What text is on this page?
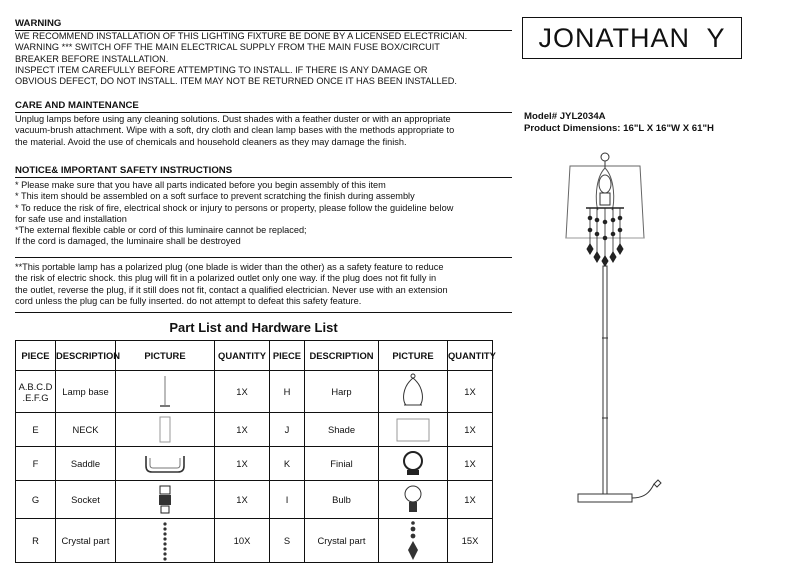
WARNING
WE RECOMMEND INSTALLATION OF THIS LIGHTING FIXTURE BE DONE BY A LICENSED ELECTRICIAN.
WARNING *** SWITCH OFF THE MAIN ELECTRICAL SUPPLY FROM THE MAIN FUSE BOX/CIRCUIT
BREAKER BEFORE INSTALLATION.
INSPECT ITEM CAREFULLY BEFORE ATTEMPTING TO INSTALL. IF THERE IS ANY DAMAGE OR
OBVIOUS DEFECT, DO NOT INSTALL. ITEM MAY NOT BE RETURNED ONCE IT HAS BEEN INSTALLED.
CARE AND MAINTENANCE
Unplug lamps before using any cleaning solutions. Dust shades with a feather duster or with an appropriate
vacuum-brush attachment. Wipe with a soft, dry cloth and clean lamp bases with the methods appropriate to
the material. Avoid the use of chemicals and household cleaners as they may damage the finish.
NOTICE& IMPORTANT SAFETY INSTRUCTIONS
* Please make sure that you have all parts indicated before you begin assembly of this item
* This item should be assembled on a soft surface to prevent scratching the finish during assembly
* To reduce the risk of fire, electrical shock or injury to persons or property, please follow the guideline below
for safe use and installation
*The external flexible cable or cord of this luminaire cannot be replaced;
If the cord is damaged, the luminaire shall be destroyed
**This portable lamp has a polarized plug (one blade is wider than the other) as a safety feature to reduce
the risk of electric shock. this plug will fit in a polarized outlet only one way. if the plug does not fit fully in
the outlet, reverse the plug, if it still does not fit, contact a qualified electrician. Never use with an extension
cord unless the plug can be fully inserted. do not attempt to defeat this safety feature.
JONATHAN  Y
Model# JYL2034A
Product Dimensions: 16"L X 16"W X 61"H
Part List and Hardware List
PIECE	DESCRIPTION	PICTURE	QUANTITY	PIECE	DESCRIPTION	PICTURE	QUANTITY
A.B.C.D
.E.F.G	Lamp base		1X	H	Harp		1X
E	NECK		1X	J	Shade		1X
F	Saddle		1X	K	Finial		1X
G	Socket		1X	I	Bulb		1X
R	Crystal part		10X	S	Crystal part		15X
